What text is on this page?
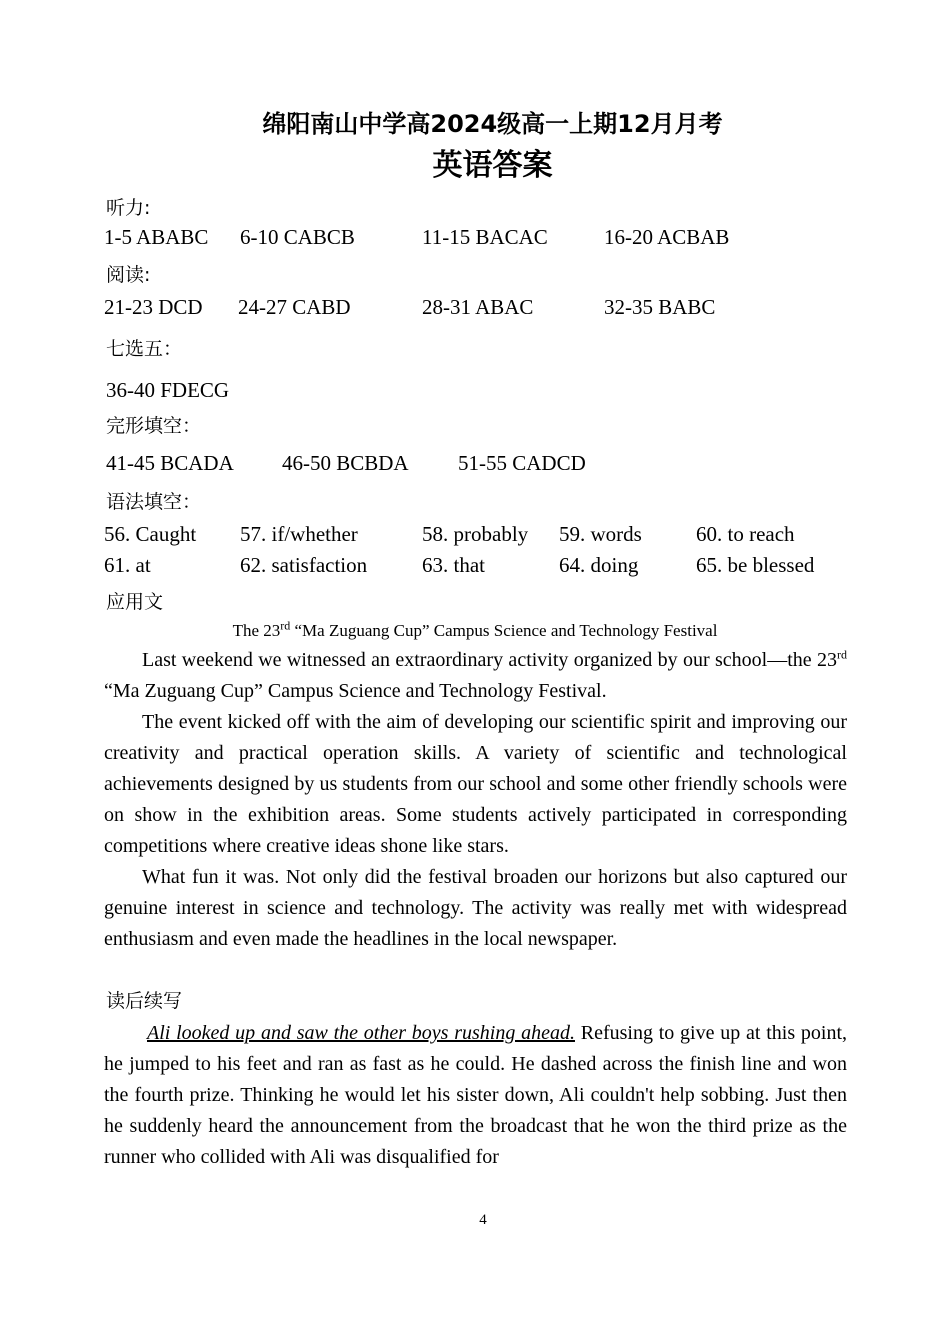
绵阳南山中学高2024级高一上期12月月考
英语答案
听力:
1-5 ABABC 6-10 CABCB	11-15 BACAC	16-20 ACBAB
阅读:
21-23 DCD 24-27 CABD	28-31 ABAC	32-35 BABC
七选五：
36-40 FDECG
完形填空：
41-45 BCADA 46-50 BCBDA 51-55 CADCD
语法填空：
56. Caught 57. if/whether	58. probably 59. words	60. to reach
61. at	62. satisfaction	63. that	64. doing	65. be blessed
应用文
The 23rd “Ma Zuguang Cup” Campus Science and Technology Festival

Last weekend we witnessed an extraordinary activity organized by our school—the 23rd “Ma Zuguang Cup” Campus Science and Technology Festival.

The event kicked off with the aim of developing our scientific spirit and improving our creativity and practical operation skills. A variety of scientific and technological achievements designed by us students from our school and some other friendly schools were on show in the exhibition areas. Some students actively participated in corresponding competitions where creative ideas shone like stars.

What fun it was. Not only did the festival broaden our horizons but also captured our genuine interest in science and technology. The activity was really met with widespread enthusiasm and even made the headlines in the local newspaper.

读后续写

Ali looked up and saw the other boys rushing ahead. Refusing to give up at this point, he jumped to his feet and ran as fast as he could. He dashed across the finish line and won the fourth prize. Thinking he would let his sister down, Ali couldn't help sobbing. Just then he suddenly heard the announcement from the broadcast that he won the third prize as the runner who collided with Ali was disqualified for

4
